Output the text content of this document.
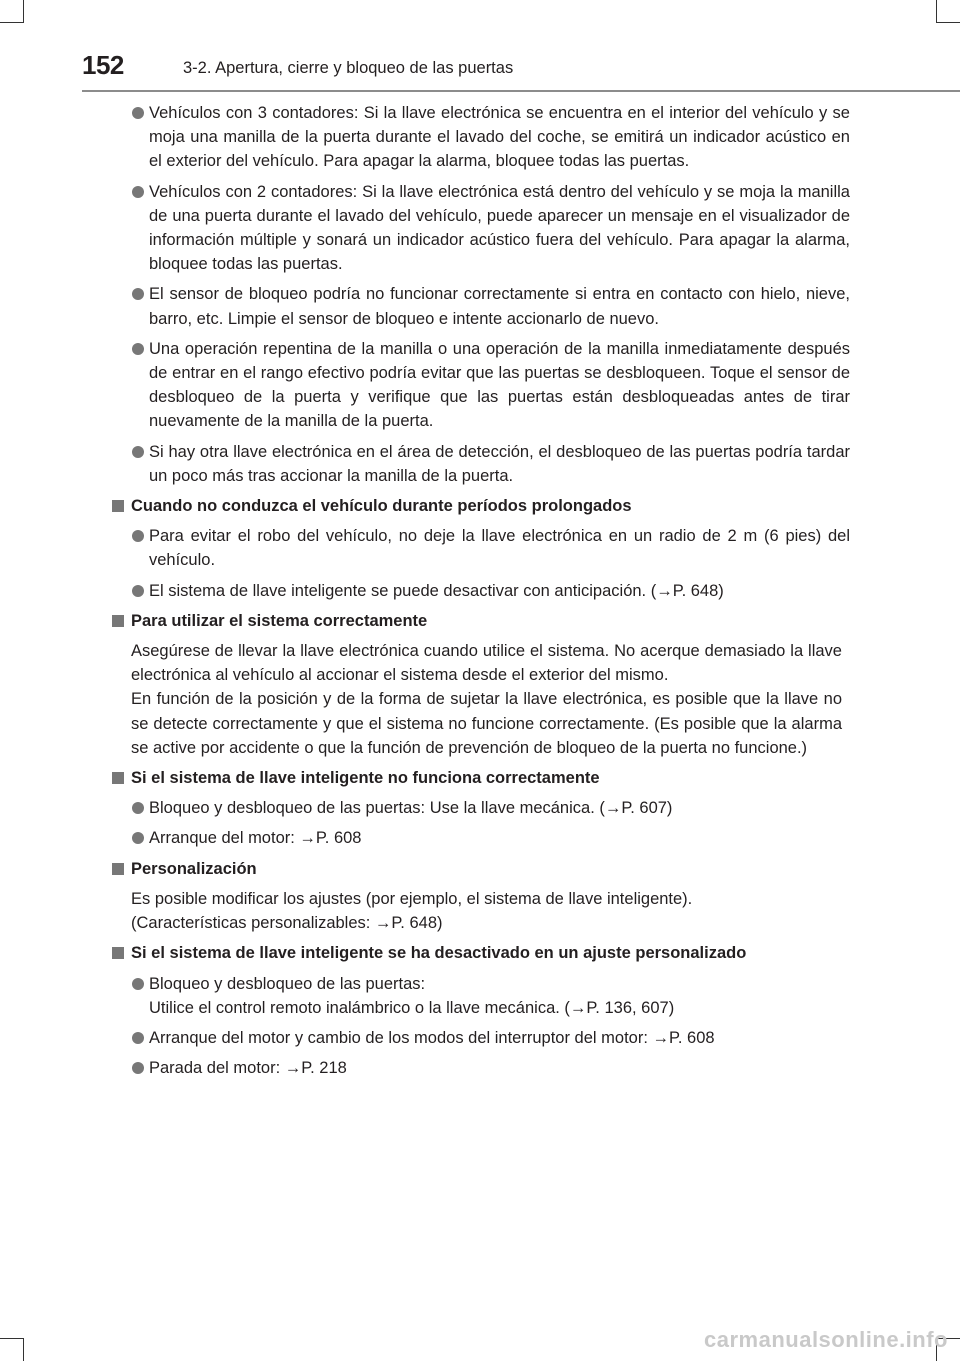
152	3-2. Apertura, cierre y bloqueo de las puertas
Vehículos con 3 contadores: Si la llave electrónica se encuentra en el interior del vehículo y se moja una manilla de la puerta durante el lavado del coche, se emitirá un indicador acústico en el exterior del vehículo. Para apagar la alarma, bloquee todas las puertas.
Vehículos con 2 contadores: Si la llave electrónica está dentro del vehículo y se moja la manilla de una puerta durante el lavado del vehículo, puede aparecer un mensaje en el visualizador de información múltiple y sonará un indicador acústico fuera del vehículo. Para apagar la alarma, bloquee todas las puertas.
El sensor de bloqueo podría no funcionar correctamente si entra en contacto con hielo, nieve, barro, etc. Limpie el sensor de bloqueo e intente accionarlo de nuevo.
Una operación repentina de la manilla o una operación de la manilla inmediatamente después de entrar en el rango efectivo podría evitar que las puertas se desbloqueen. Toque el sensor de desbloqueo de la puerta y verifique que las puertas están desbloqueadas antes de tirar nuevamente de la manilla de la puerta.
Si hay otra llave electrónica en el área de detección, el desbloqueo de las puertas podría tardar un poco más tras accionar la manilla de la puerta.
Cuando no conduzca el vehículo durante períodos prolongados
Para evitar el robo del vehículo, no deje la llave electrónica en un radio de 2 m (6 pies) del vehículo.
El sistema de llave inteligente se puede desactivar con anticipación. (→P. 648)
Para utilizar el sistema correctamente
Asegúrese de llevar la llave electrónica cuando utilice el sistema. No acerque demasiado la llave electrónica al vehículo al accionar el sistema desde el exterior del mismo.
En función de la posición y de la forma de sujetar la llave electrónica, es posible que la llave no se detecte correctamente y que el sistema no funcione correctamente. (Es posible que la alarma se active por accidente o que la función de prevención de bloqueo de la puerta no funcione.)
Si el sistema de llave inteligente no funciona correctamente
Bloqueo y desbloqueo de las puertas: Use la llave mecánica. (→P. 607)
Arranque del motor: →P. 608
Personalización
Es posible modificar los ajustes (por ejemplo, el sistema de llave inteligente).
(Características personalizables: →P. 648)
Si el sistema de llave inteligente se ha desactivado en un ajuste personalizado
Bloqueo y desbloqueo de las puertas:
Utilice el control remoto inalámbrico o la llave mecánica. (→P. 136, 607)
Arranque del motor y cambio de los modos del interruptor del motor: →P. 608
Parada del motor: →P. 218
carmanualsonline.info
